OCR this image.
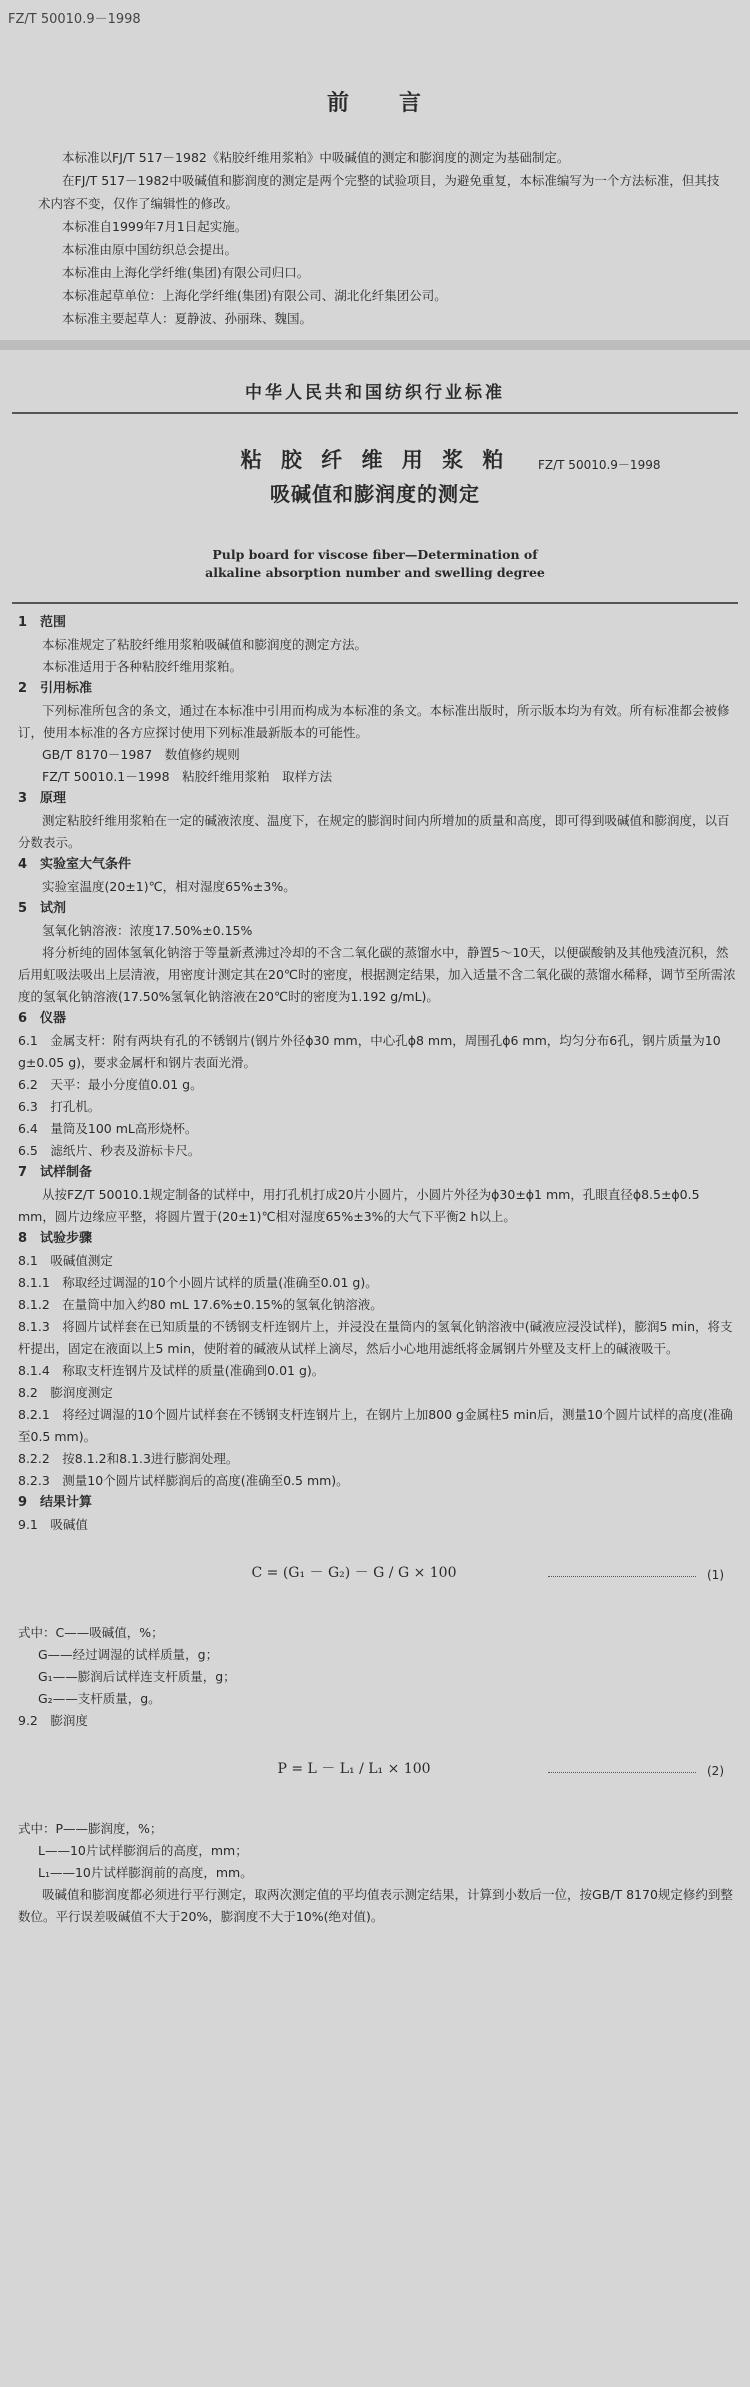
FZ/T 50010.9－1998
前　　言

本标准以FJ/T 517－1982《粘胶纤维用浆粕》中吸碱值的测定和膨润度的测定为基础制定。

在FJ/T 517－1982中吸碱值和膨润度的测定是两个完整的试验项目，为避免重复，本标准编写为一个方法标准，但其技术内容不变，仅作了编辑性的修改。

本标准自1999年7月1日起实施。

本标准由原中国纺织总会提出。

本标准由上海化学纤维(集团)有限公司归口。

本标准起草单位：上海化学纤维(集团)有限公司、湖北化纤集团公司。

本标准主要起草人：夏静波、孙丽珠、魏国。

中华人民共和国纺织行业标准
粘 胶 纤 维 用 浆 粕	FZ/T 50010.9－1998
吸碱值和膨润度的测定
Pulp board for viscose fiber—Determination of
alkaline absorption number and swelling degree

1　范围

本标准规定了粘胶纤维用浆粕吸碱值和膨润度的测定方法。

本标准适用于各种粘胶纤维用浆粕。

2　引用标准

下列标准所包含的条文，通过在本标准中引用而构成为本标准的条文。本标准出版时，所示版本均为有效。所有标准都会被修订，使用本标准的各方应探讨使用下列标准最新版本的可能性。

GB/T 8170－1987　数值修约规则

FZ/T 50010.1－1998　粘胶纤维用浆粕　取样方法

3　原理

测定粘胶纤维用浆粕在一定的碱液浓度、温度下，在规定的膨润时间内所增加的质量和高度，即可得到吸碱值和膨润度，以百分数表示。

4　实验室大气条件

实验室温度(20±1)℃，相对湿度65%±3%。

5　试剂

氢氧化钠溶液：浓度17.50%±0.15%

将分析纯的固体氢氧化钠溶于等量新煮沸过冷却的不含二氧化碳的蒸馏水中，静置5～10天，以便碳酸钠及其他残渣沉积，然后用虹吸法吸出上层清液，用密度计测定其在20℃时的密度，根据测定结果，加入适量不含二氧化碳的蒸馏水稀释，调节至所需浓度的氢氧化钠溶液(17.50%氢氧化钠溶液在20℃时的密度为1.192 g/mL)。

6　仪器

6.1　金属支杆：附有两块有孔的不锈钢片(钢片外径ϕ30 mm，中心孔ϕ8 mm，周围孔ϕ6 mm，均匀分布6孔，钢片质量为10 g±0.05 g)，要求金属杆和钢片表面光滑。

6.2　天平：最小分度值0.01 g。

6.3　打孔机。

6.4　量筒及100 mL高形烧杯。

6.5　滤纸片、秒表及游标卡尺。

7　试样制备

从按FZ/T 50010.1规定制备的试样中，用打孔机打成20片小圆片，小圆片外径为ϕ30±ϕ1 mm，孔眼直径ϕ8.5±ϕ0.5 mm，圆片边缘应平整，将圆片置于(20±1)℃相对湿度65%±3%的大气下平衡2 h以上。

8　试验步骤

8.1　吸碱值测定

8.1.1　称取经过调湿的10个小圆片试样的质量(准确至0.01 g)。

8.1.2　在量筒中加入约80 mL 17.6%±0.15%的氢氧化钠溶液。

8.1.3　将圆片试样套在已知质量的不锈钢支杆连钢片上，并浸没在量筒内的氢氧化钠溶液中(碱液应浸没试样)，膨润5 min，将支杆提出，固定在液面以上5 min，使附着的碱液从试样上滴尽，然后小心地用滤纸将金属钢片外壁及支杆上的碱液吸干。

8.1.4　称取支杆连钢片及试样的质量(准确到0.01 g)。

8.2　膨润度测定

8.2.1　将经过调湿的10个圆片试样套在不锈钢支杆连钢片上，在钢片上加800 g金属柱5 min后，测量10个圆片试样的高度(准确至0.5 mm)。

8.2.2　按8.1.2和8.1.3进行膨润处理。

8.2.3　测量10个圆片试样膨润后的高度(准确至0.5 mm)。

9　结果计算

9.1　吸碱值

C = (G₁ － G₂) － G / G × 100	(1)

式中：C——吸碱值，%；

G——经过调湿的试样质量，g；

G₁——膨润后试样连支杆质量，g；

G₂——支杆质量，g。

9.2　膨润度

P = L － L₁ / L₁ × 100	(2)

式中：P——膨润度，%；

L——10片试样膨润后的高度，mm；

L₁——10片试样膨润前的高度，mm。

吸碱值和膨润度都必须进行平行测定，取两次测定值的平均值表示测定结果，计算到小数后一位，按GB/T 8170规定修约到整数位。平行误差吸碱值不大于20%，膨润度不大于10%(绝对值)。
